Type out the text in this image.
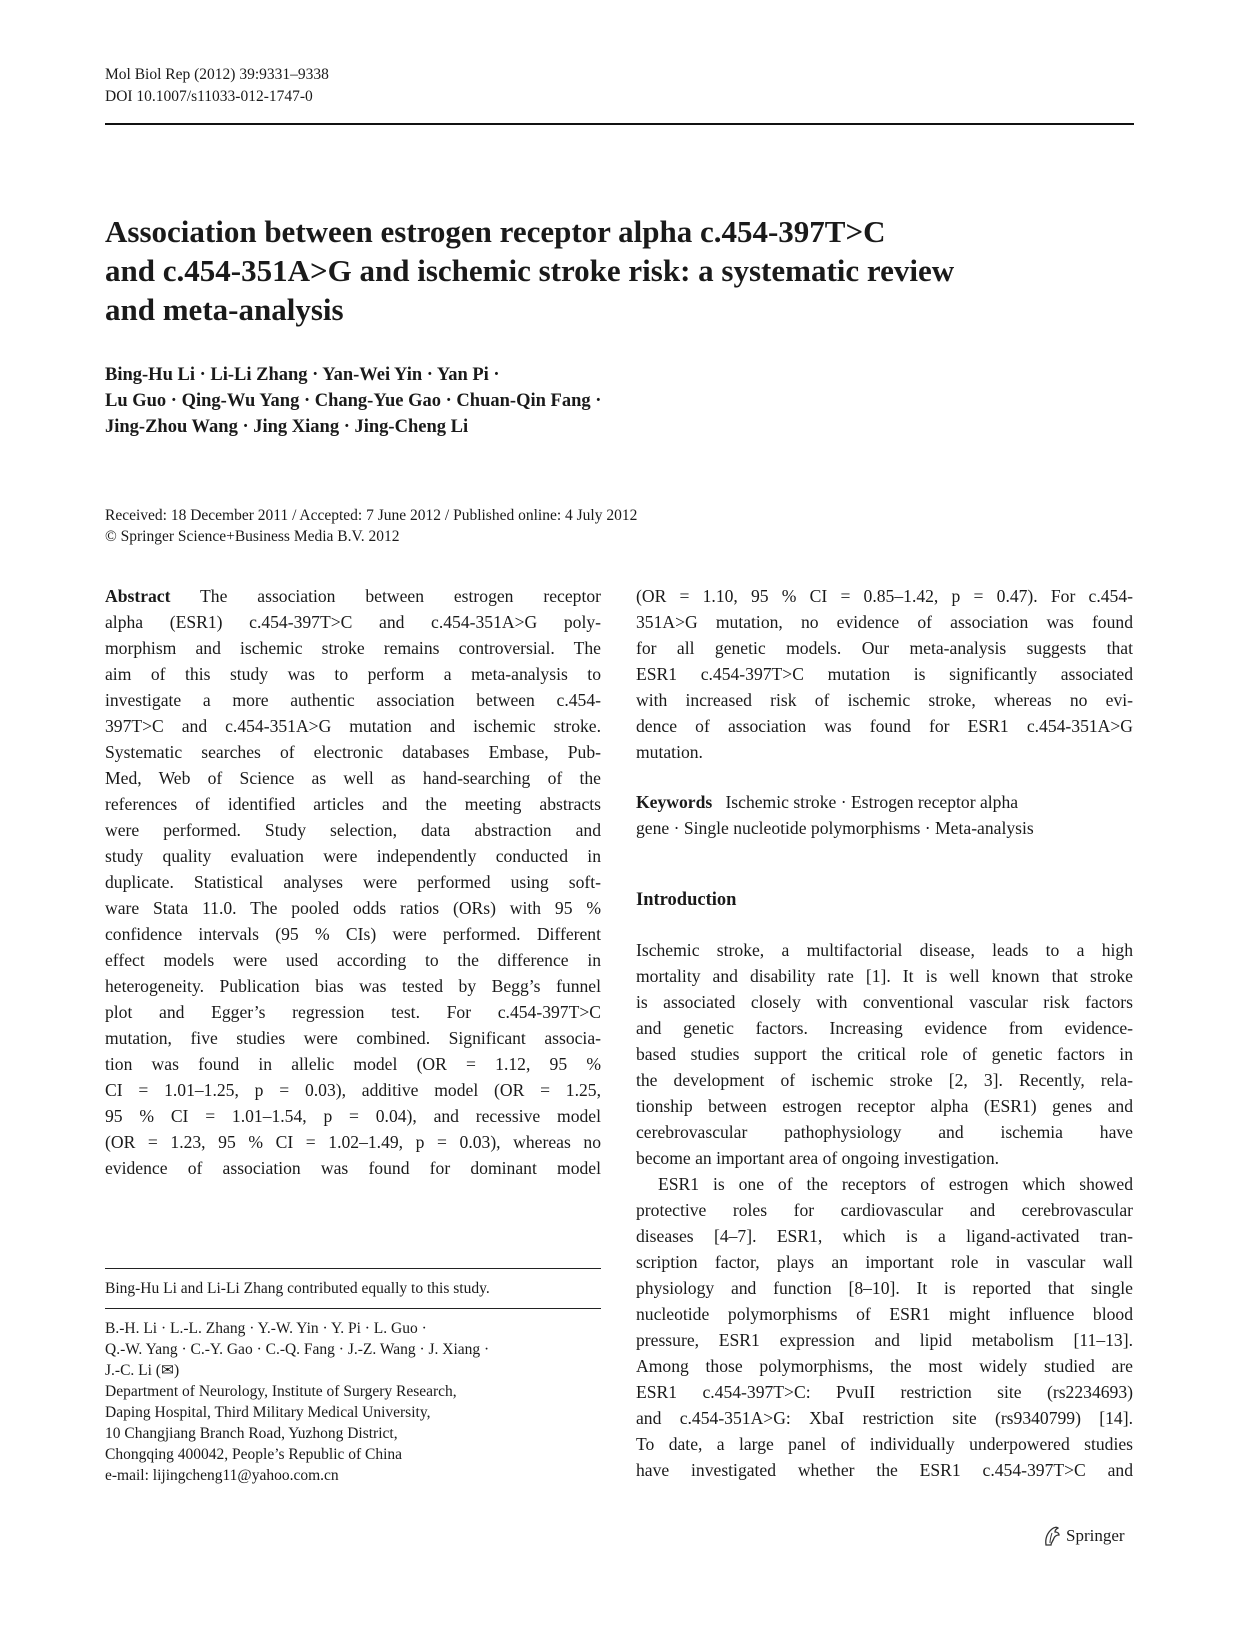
Mol Biol Rep (2012) 39:9331–9338
DOI 10.1007/s11033-012-1747-0
Association between estrogen receptor alpha c.454-397T>C
and c.454-351A>G and ischemic stroke risk: a systematic review
and meta-analysis
Bing-Hu Li · Li-Li Zhang · Yan-Wei Yin · Yan Pi ·
Lu Guo · Qing-Wu Yang · Chang-Yue Gao · Chuan-Qin Fang ·
Jing-Zhou Wang · Jing Xiang · Jing-Cheng Li
Received: 18 December 2011 / Accepted: 7 June 2012 / Published online: 4 July 2012
© Springer Science+Business Media B.V. 2012

Abstract The association between estrogen receptor
alpha (ESR1) c.454-397T>C and c.454-351A>G poly-
morphism and ischemic stroke remains controversial. The
aim of this study was to perform a meta-analysis to
investigate a more authentic association between c.454-
397T>C and c.454-351A>G mutation and ischemic stroke.
Systematic searches of electronic databases Embase, Pub-
Med, Web of Science as well as hand-searching of the
references of identified articles and the meeting abstracts
were performed. Study selection, data abstraction and
study quality evaluation were independently conducted in
duplicate. Statistical analyses were performed using soft-
ware Stata 11.0. The pooled odds ratios (ORs) with 95 %
confidence intervals (95 % CIs) were performed. Different
effect models were used according to the difference in
heterogeneity. Publication bias was tested by Begg’s funnel
plot and Egger’s regression test. For c.454-397T>C
mutation, five studies were combined. Significant associa-
tion was found in allelic model (OR = 1.12, 95 %
CI = 1.01–1.25, p = 0.03), additive model (OR = 1.25,
95 % CI = 1.01–1.54, p = 0.04), and recessive model
(OR = 1.23, 95 % CI = 1.02–1.49, p = 0.03), whereas no
evidence of association was found for dominant model

(OR = 1.10, 95 % CI = 0.85–1.42, p = 0.47). For c.454-
351A>G mutation, no evidence of association was found
for all genetic models. Our meta-analysis suggests that
ESR1 c.454-397T>C mutation is significantly associated
with increased risk of ischemic stroke, whereas no evi-
dence of association was found for ESR1 c.454-351A>G
mutation.

Keywords Ischemic stroke · Estrogen receptor alpha
gene · Single nucleotide polymorphisms · Meta-analysis

Introduction

Ischemic stroke, a multifactorial disease, leads to a high
mortality and disability rate [1]. It is well known that stroke
is associated closely with conventional vascular risk factors
and genetic factors. Increasing evidence from evidence-
based studies support the critical role of genetic factors in
the development of ischemic stroke [2, 3]. Recently, rela-
tionship between estrogen receptor alpha (ESR1) genes and
cerebrovascular pathophysiology and ischemia have
become an important area of ongoing investigation.

ESR1 is one of the receptors of estrogen which showed
protective roles for cardiovascular and cerebrovascular
diseases [4–7]. ESR1, which is a ligand-activated tran-
scription factor, plays an important role in vascular wall
physiology and function [8–10]. It is reported that single
nucleotide polymorphisms of ESR1 might influence blood
pressure, ESR1 expression and lipid metabolism [11–13].
Among those polymorphisms, the most widely studied are
ESR1 c.454-397T>C: PvuII restriction site (rs2234693)
and c.454-351A>G: XbaI restriction site (rs9340799) [14].
To date, a large panel of individually underpowered studies
have investigated whether the ESR1 c.454-397T>C and

Bing-Hu Li and Li-Li Zhang contributed equally to this study.
B.-H. Li · L.-L. Zhang · Y.-W. Yin · Y. Pi · L. Guo ·
Q.-W. Yang · C.-Y. Gao · C.-Q. Fang · J.-Z. Wang · J. Xiang ·
J.-C. Li (✉)
Department of Neurology, Institute of Surgery Research,
Daping Hospital, Third Military Medical University,
10 Changjiang Branch Road, Yuzhong District,
Chongqing 400042, People’s Republic of China
e-mail: lijingcheng11@yahoo.com.cn
Springer
